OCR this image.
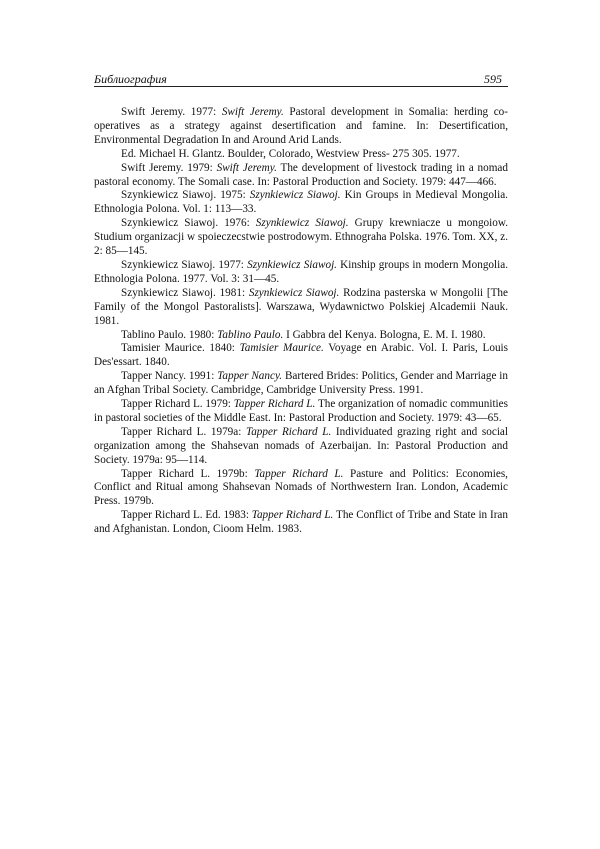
Библиография	595

Swift Jeremy. 1977: Swift Jeremy. Pastoral development in Somalia: herding co-operatives as a strategy against desertification and famine. In: Desertification, Environmental Degradation In and Around Arid Lands.

Ed. Michael H. Glantz. Boulder, Colorado, Westview Press- 275 305. 1977.

Swift Jeremy. 1979: Swift Jeremy. The development of livestock trading in a nomad pastoral economy. The Somali case. In: Pastoral Production and Society. 1979: 447—466.

Szynkiewicz Siawoj. 1975: Szynkiewicz Siawoj. Kin Groups in Medieval Mongolia. Ethnologia Polona. Vol. 1: 113—33.

Szynkiewicz Siawoj. 1976: Szynkiewicz Siawoj. Grupy krewniacze u mongoiow. Studium organizacji w spoieczecstwie postrodowym. Ethnograha Polska. 1976. Tom. XX, z. 2: 85—145.

Szynkiewicz Siawoj. 1977: Szynkiewicz Siawoj. Kinship groups in modern Mongolia. Ethnologia Polona. 1977. Vol. 3: 31—45.

Szynkiewicz Siawoj. 1981: Szynkiewicz Siawoj. Rodzina pasterska w Mongolii [The Family of the Mongol Pastoralists]. Warszawa, Wydawnictwo Polskiej Alcademii Nauk. 1981.

Tablino Paulo. 1980: Tablino Paulo. I Gabbra del Kenya. Bologna, E. M. I. 1980.

Tamisier Maurice. 1840: Tamisier Maurice. Voyage en Arabic. Vol. I. Paris, Louis Des'essart. 1840.

Tapper Nancy. 1991: Tapper Nancy. Bartered Brides: Politics, Gender and Marriage in an Afghan Tribal Society. Cambridge, Cambridge University Press. 1991.

Tapper Richard L. 1979: Tapper Richard L. The organization of nomadic communities in pastoral societies of the Middle East. In: Pastoral Production and Society. 1979: 43—65.

Tapper Richard L. 1979a: Tapper Richard L. Individuated grazing right and social organization among the Shahsevan nomads of Azerbaijan. In: Pastoral Production and Society. 1979a: 95—114.

Tapper Richard L. 1979b: Tapper Richard L. Pasture and Politics: Economies, Conflict and Ritual among Shahsevan Nomads of Northwestern Iran. London, Academic Press. 1979b.

Tapper Richard L. Ed. 1983: Tapper Richard L. The Conflict of Tribe and State in Iran and Afghanistan. London, Cioom Helm. 1983.
